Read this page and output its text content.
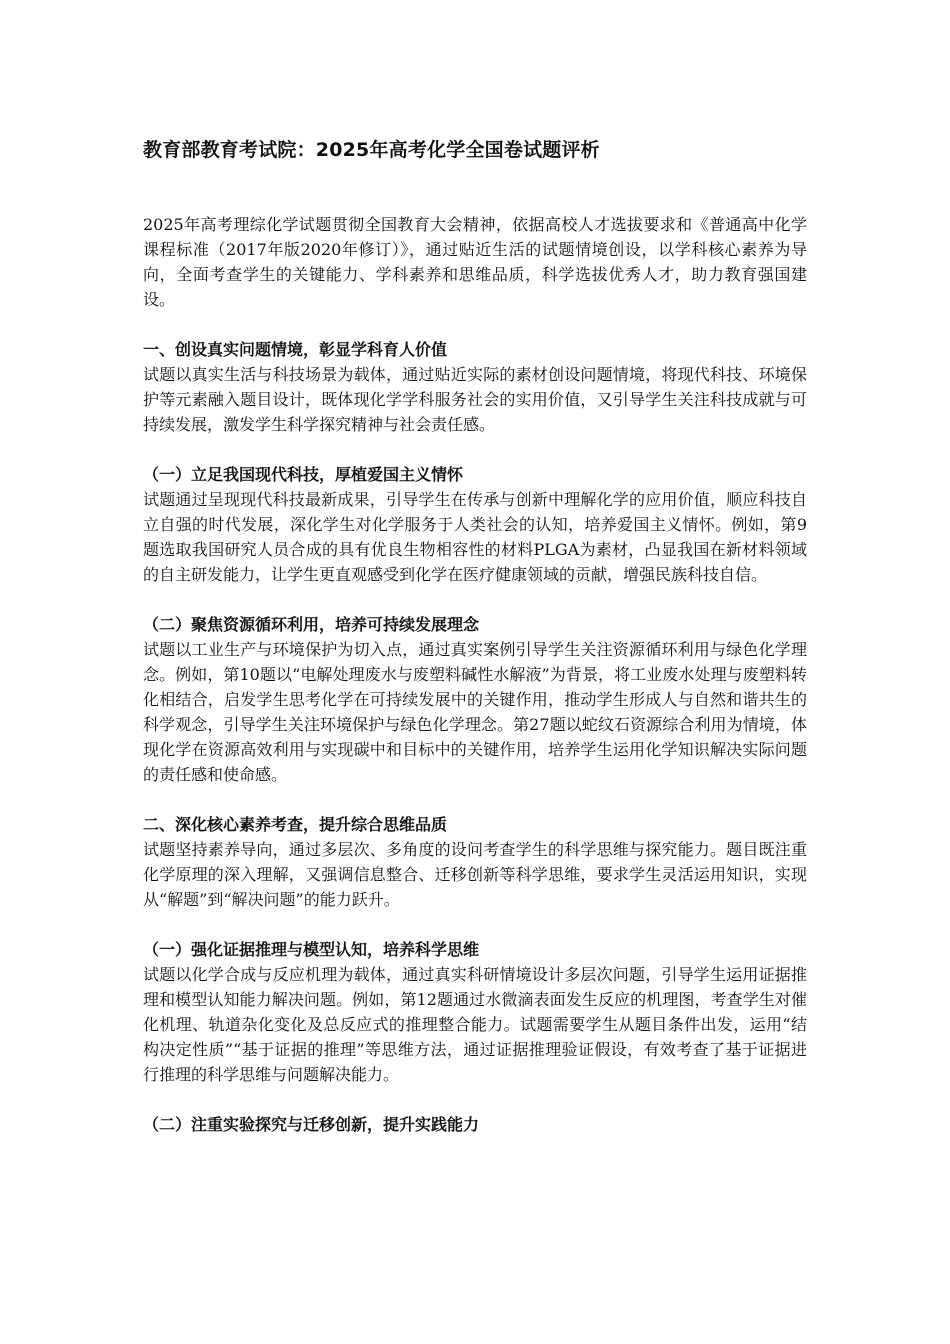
教育部教育考试院：2025年高考化学全国卷试题评析

2025年高考理综化学试题贯彻全国教育大会精神，依据高校人才选拔要求和《普通高中化学课程标准（2017年版2020年修订）》，通过贴近生活的试题情境创设，以学科核心素养为导向，全面考查学生的关键能力、学科素养和思维品质，科学选拔优秀人才，助力教育强国建设。

一、创设真实问题情境，彰显学科育人价值

试题以真实生活与科技场景为载体，通过贴近实际的素材创设问题情境，将现代科技、环境保护等元素融入题目设计，既体现化学学科服务社会的实用价值，又引导学生关注科技成就与可持续发展，激发学生科学探究精神与社会责任感。

（一）立足我国现代科技，厚植爱国主义情怀

试题通过呈现现代科技最新成果，引导学生在传承与创新中理解化学的应用价值，顺应科技自立自强的时代发展，深化学生对化学服务于人类社会的认知，培养爱国主义情怀。例如，第9题选取我国研究人员合成的具有优良生物相容性的材料PLGA为素材，凸显我国在新材料领域的自主研发能力，让学生更直观感受到化学在医疗健康领域的贡献，增强民族科技自信。

（二）聚焦资源循环利用，培养可持续发展理念

试题以工业生产与环境保护为切入点，通过真实案例引导学生关注资源循环利用与绿色化学理念。例如，第10题以“电解处理废水与废塑料碱性水解液”为背景，将工业废水处理与废塑料转化相结合，启发学生思考化学在可持续发展中的关键作用，推动学生形成人与自然和谐共生的科学观念，引导学生关注环境保护与绿色化学理念。第27题以蛇纹石资源综合利用为情境，体现化学在资源高效利用与实现碳中和目标中的关键作用，培养学生运用化学知识解决实际问题的责任感和使命感。

二、深化核心素养考查，提升综合思维品质

试题坚持素养导向，通过多层次、多角度的设问考查学生的科学思维与探究能力。题目既注重化学原理的深入理解，又强调信息整合、迁移创新等科学思维，要求学生灵活运用知识，实现从“解题”到“解决问题”的能力跃升。

（一）强化证据推理与模型认知，培养科学思维

试题以化学合成与反应机理为载体，通过真实科研情境设计多层次问题，引导学生运用证据推理和模型认知能力解决问题。例如，第12题通过水微滴表面发生反应的机理图，考查学生对催化机理、轨道杂化变化及总反应式的推理整合能力。试题需要学生从题目条件出发，运用“结构决定性质”“基于证据的推理”等思维方法，通过证据推理验证假设，有效考查了基于证据进行推理的科学思维与问题解决能力。

（二）注重实验探究与迁移创新，提升实践能力
